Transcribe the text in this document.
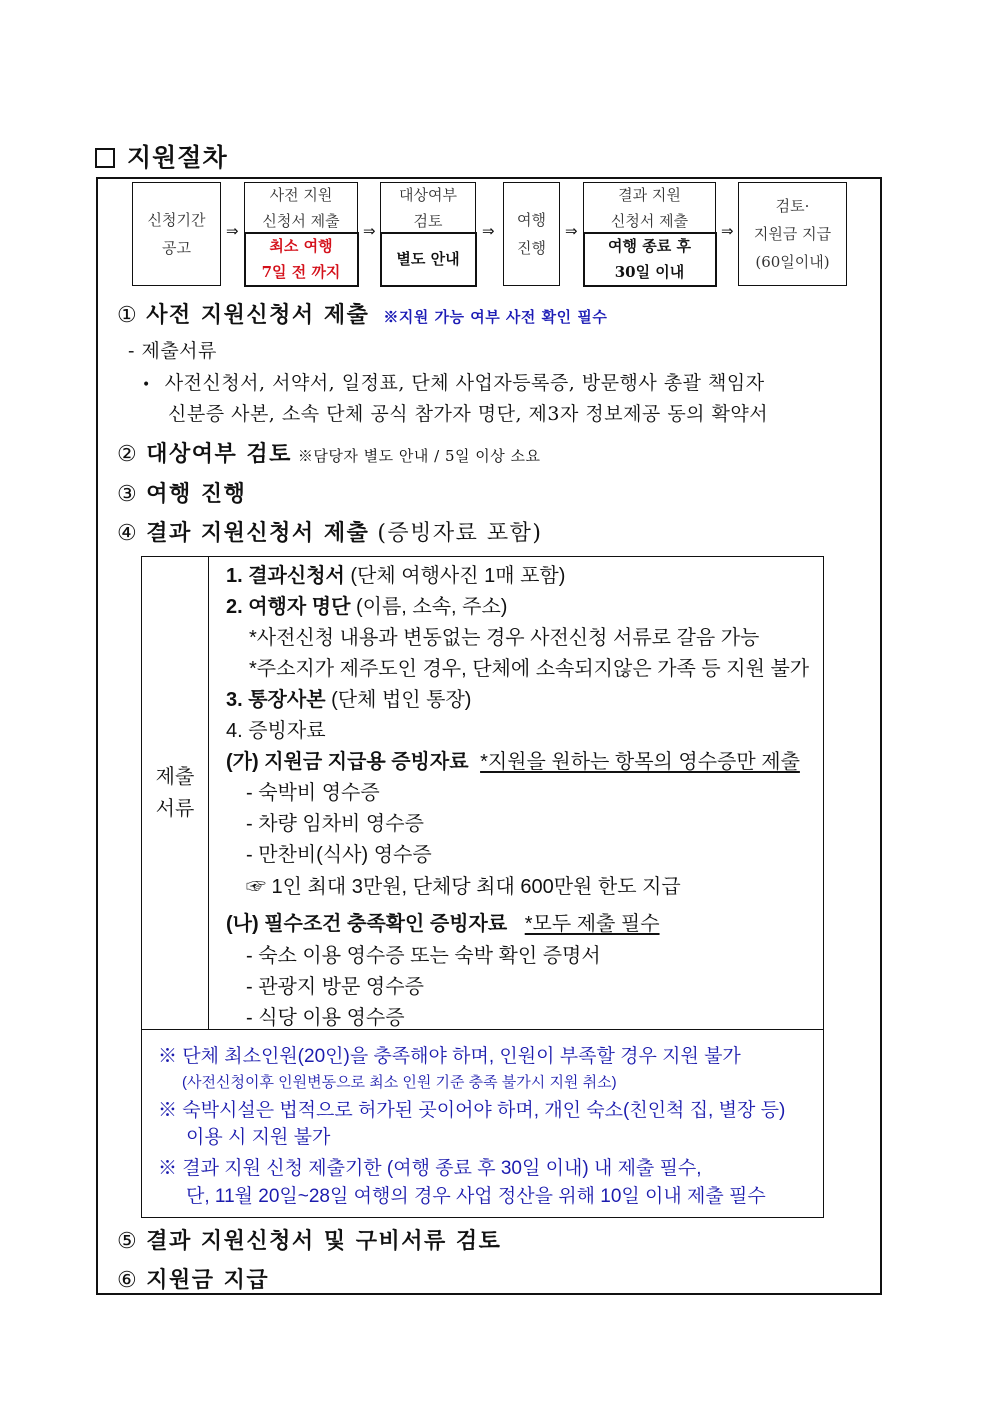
지원절차
신청기간
공고
⇒
사전 지원
신청서 제출
최소 여행
7일 전 까지
⇒
대상여부
검토
별도 안내
⇒
여행
진행
⇒
결과 지원
신청서 제출
여행 종료 후
30일 이내
⇒
검토·
지원금 지급
(60일이내)
① 사전 지원신청서 제출 ※지원 가능 여부 사전 확인 필수
- 제출서류
• 사전신청서, 서약서, 일정표, 단체 사업자등록증, 방문행사 총괄 책임자
신분증 사본, 소속 단체 공식 참가자 명단, 제3자 정보제공 동의 확약서
② 대상여부 검토 ※담당자 별도 안내 / 5일 이상 소요
③ 여행 진행
④ 결과 지원신청서 제출 (증빙자료 포함)
제출
서류
1. 결과신청서 (단체 여행사진 1매 포함)
2. 여행자 명단 (이름, 소속, 주소)
*사전신청 내용과 변동없는 경우 사전신청 서류로 갈음 가능
*주소지가 제주도인 경우, 단체에 소속되지않은 가족 등 지원 불가
3. 통장사본 (단체 법인 통장)
4. 증빙자료
(가) 지원금 지급용 증빙자료 *지원을 원하는 항목의 영수증만 제출
- 숙박비 영수증
- 차량 임차비 영수증
- 만찬비(식사) 영수증
☞ 1인 최대 3만원, 단체당 최대 600만원 한도 지급
(나) 필수조건 충족확인 증빙자료 *모두 제출 필수
- 숙소 이용 영수증 또는 숙박 확인 증명서
- 관광지 방문 영수증
- 식당 이용 영수증
※ 단체 최소인원(20인)을 충족해야 하며, 인원이 부족할 경우 지원 불가
(사전신청이후 인원변동으로 최소 인원 기준 충족 불가시 지원 취소)
※ 숙박시설은 법적으로 허가된 곳이어야 하며, 개인 숙소(친인척 집, 별장 등)
이용 시 지원 불가
※ 결과 지원 신청 제출기한 (여행 종료 후 30일 이내) 내 제출 필수,
단, 11월 20일~28일 여행의 경우 사업 정산을 위해 10일 이내 제출 필수
⑤ 결과 지원신청서 및 구비서류 검토
⑥ 지원금 지급
